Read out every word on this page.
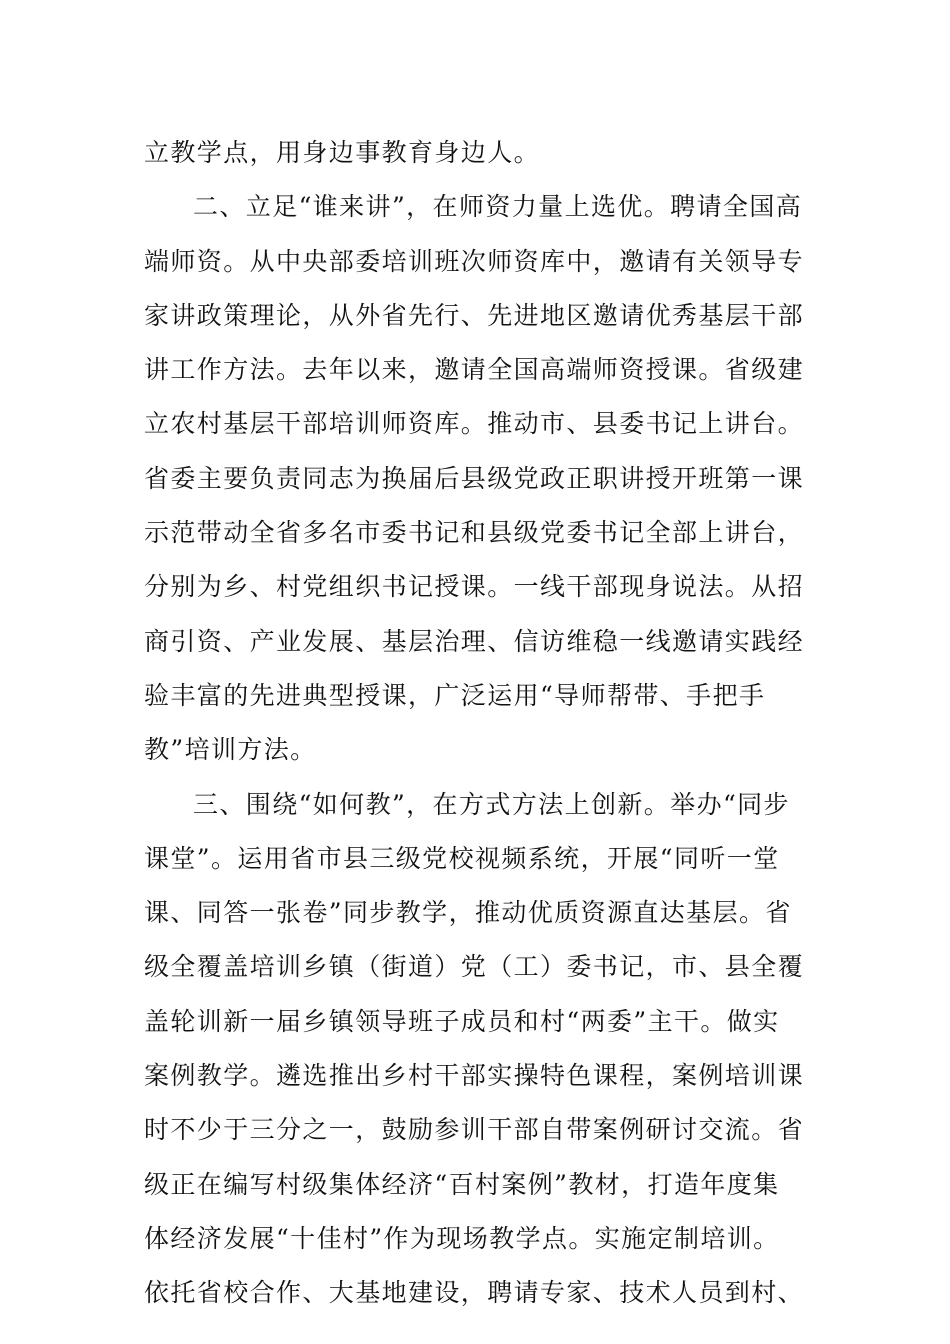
立教学点，用身边事教育身边人。
二、立足“谁来讲”，在师资力量上选优。聘请全国高
端师资。从中央部委培训班次师资库中，邀请有关领导专
家讲政策理论，从外省先行、先进地区邀请优秀基层干部
讲工作方法。去年以来，邀请全国高端师资授课。省级建
立农村基层干部培训师资库。推动市、县委书记上讲台。
省委主要负责同志为换届后县级党政正职讲授开班第一课
示范带动全省多名市委书记和县级党委书记全部上讲台，
分别为乡、村党组织书记授课。一线干部现身说法。从招
商引资、产业发展、基层治理、信访维稳一线邀请实践经
验丰富的先进典型授课，广泛运用“导师帮带、手把手
教”培训方法。
三、围绕“如何教”，在方式方法上创新。举办“同步
课堂”。运用省市县三级党校视频系统，开展“同听一堂
课、同答一张卷”同步教学，推动优质资源直达基层。省
级全覆盖培训乡镇（街道）党（工）委书记，市、县全覆
盖轮训新一届乡镇领导班子成员和村“两委”主干。做实
案例教学。遴选推出乡村干部实操特色课程，案例培训课
时不少于三分之一，鼓励参训干部自带案例研讨交流。省
级正在编写村级集体经济“百村案例”教材，打造年度集
体经济发展“十佳村”作为现场教学点。实施定制培训。
依托省校合作、大基地建设，聘请专家、技术人员到村、
